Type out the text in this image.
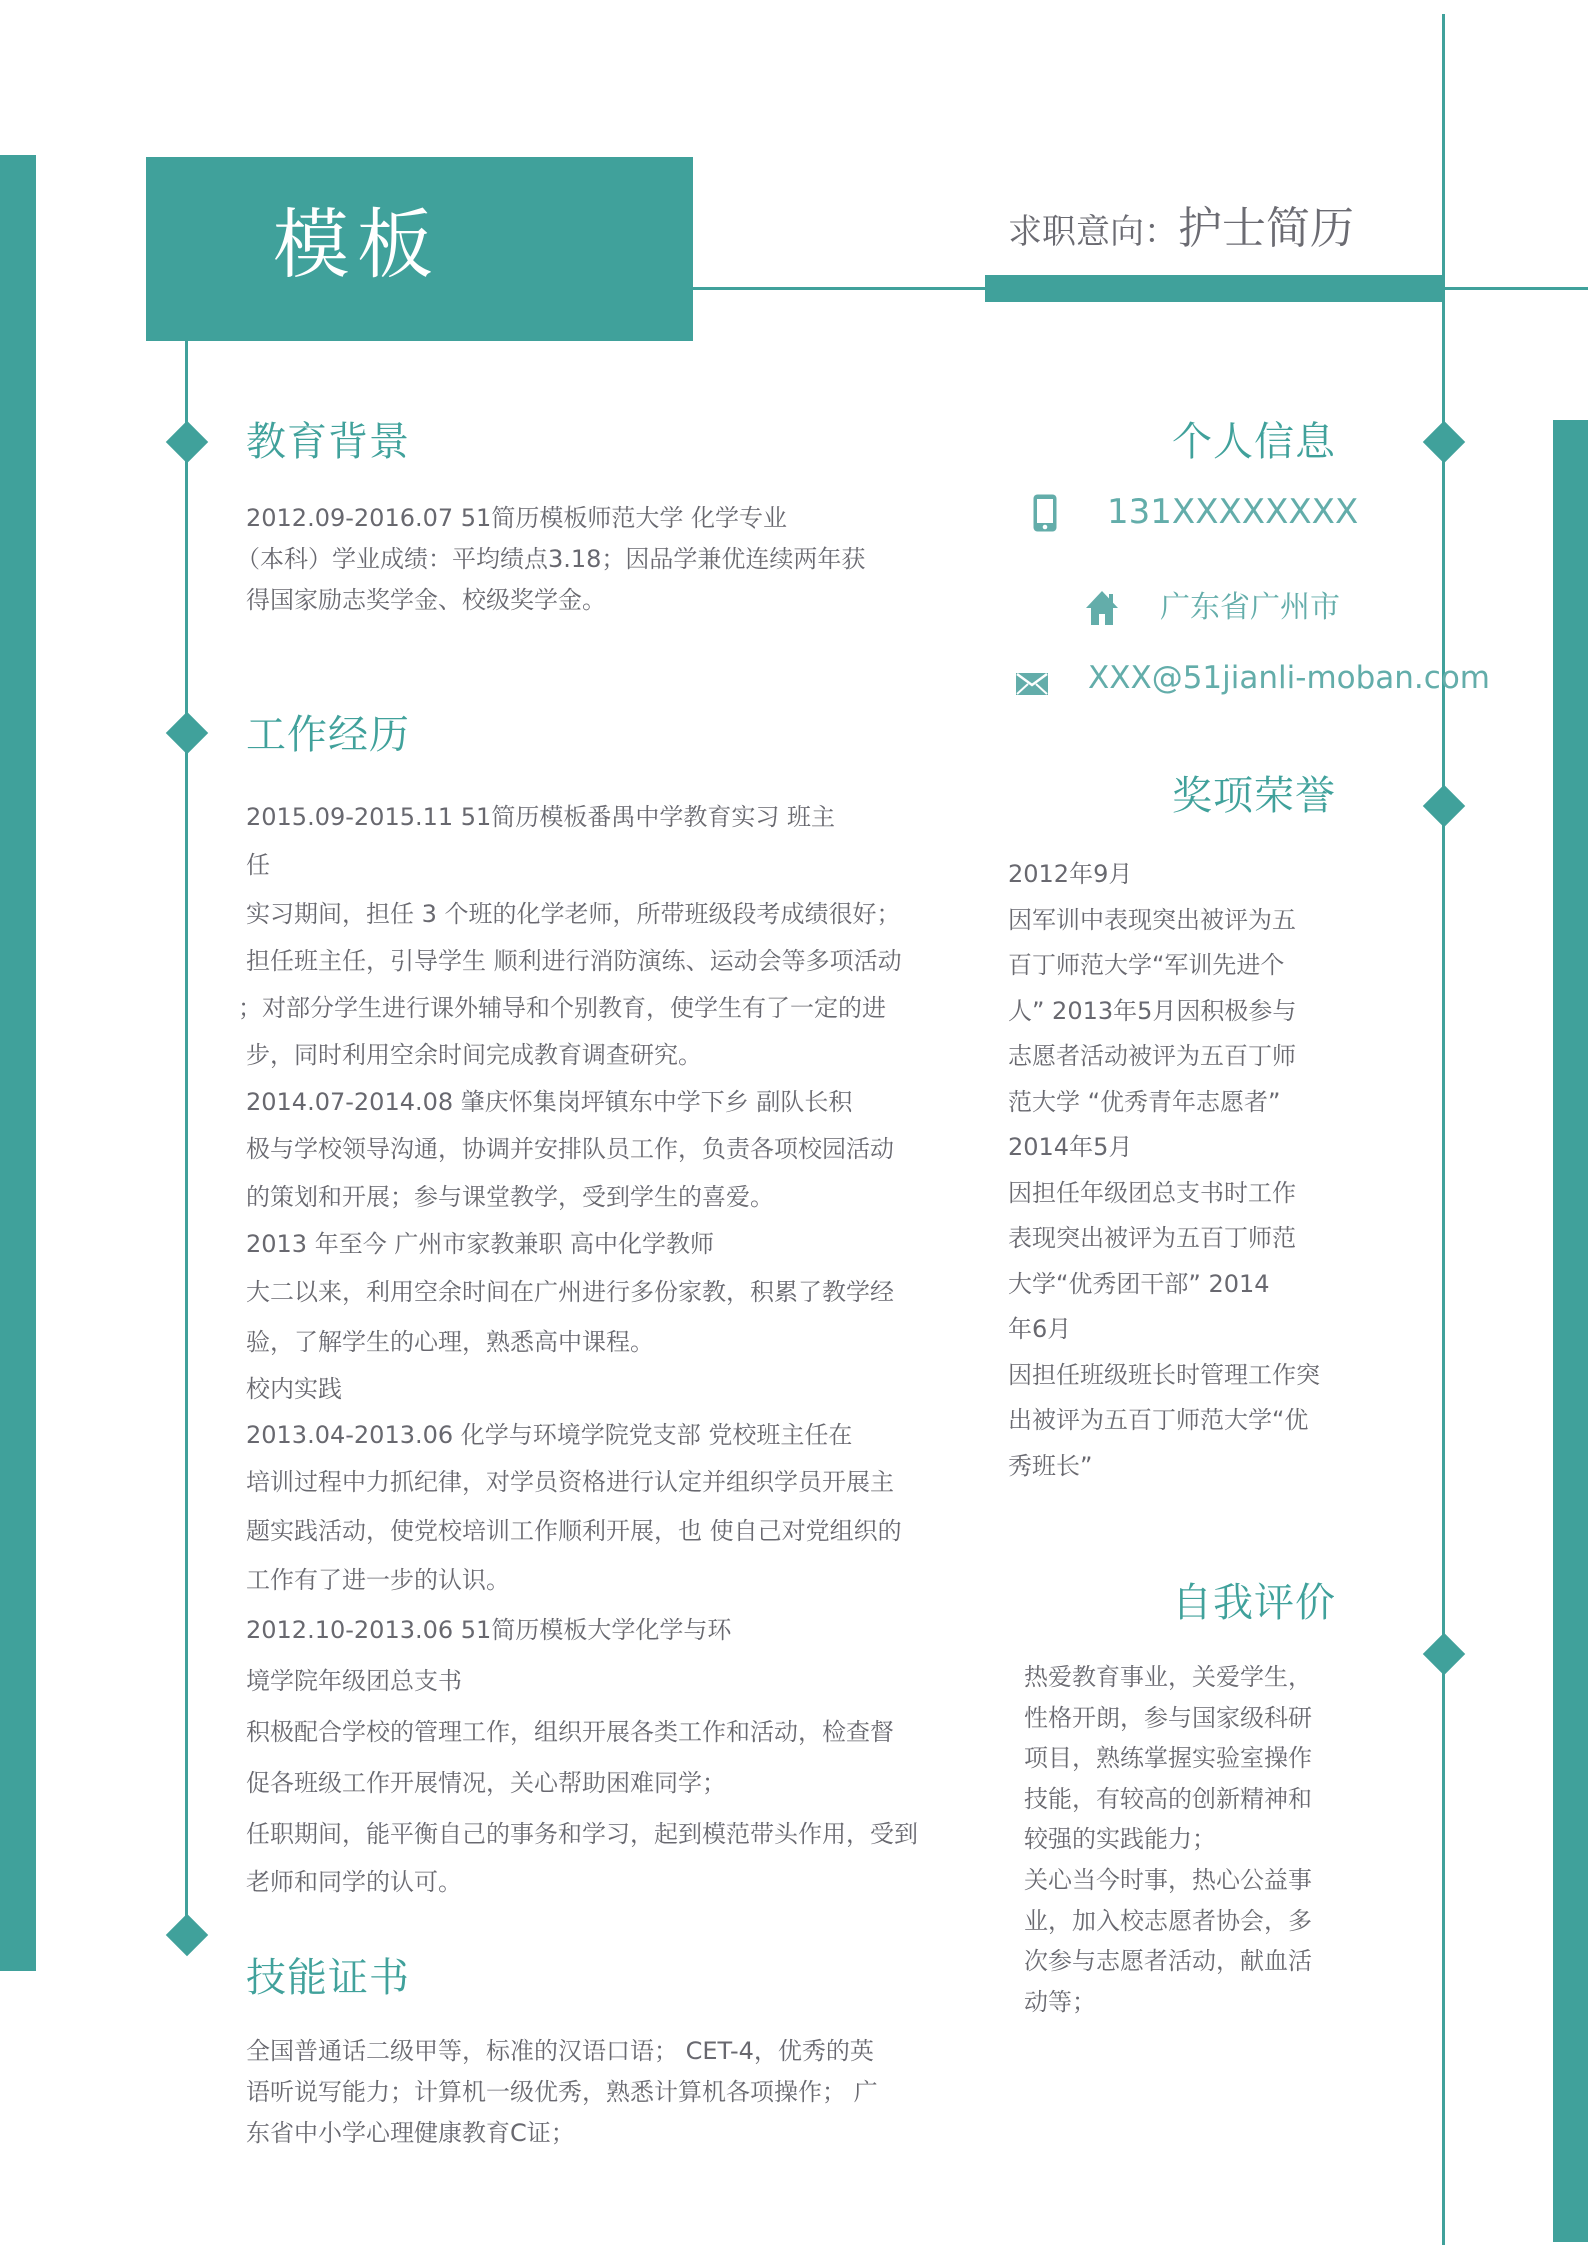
模板	求职意向：护士简历
教育背景

2012.09-2016.07 51简历模板师范大学 化学专业

（本科）学业成绩：平均绩点3.18；因品学兼优连续两年获

得国家励志奖学金、校级奖学金。

工作经历

2015.09-2015.11 51简历模板番禺中学教育实习 班主

任

实习期间，担任 3 个班的化学老师，所带班级段考成绩很好；

担任班主任，引导学生 顺利进行消防演练、运动会等多项活动

；对部分学生进行课外辅导和个别教育，使学生有了一定的进

步，同时利用空余时间完成教育调查研究。

2014.07-2014.08 肇庆怀集岗坪镇东中学下乡 副队长积

极与学校领导沟通，协调并安排队员工作，负责各项校园活动

的策划和开展；参与课堂教学，受到学生的喜爱。

2013 年至今 广州市家教兼职 高中化学教师

大二以来，利用空余时间在广州进行多份家教，积累了教学经

验，了解学生的心理，熟悉高中课程。

校内实践

2013.04-2013.06 化学与环境学院党支部 党校班主任在

培训过程中力抓纪律，对学员资格进行认定并组织学员开展主

题实践活动，使党校培训工作顺利开展，也 使自己对党组织的

工作有了进一步的认识。

2012.10-2013.06 51简历模板大学化学与环

境学院年级团总支书

积极配合学校的管理工作，组织开展各类工作和活动，检查督

促各班级工作开展情况，关心帮助困难同学；

任职期间，能平衡自己的事务和学习，起到模范带头作用，受到

老师和同学的认可。

技能证书

全国普通话二级甲等，标准的汉语口语； CET-4，优秀的英

语听说写能力；计算机一级优秀，熟悉计算机各项操作； 广

东省中小学心理健康教育C证；

个人信息
131XXXXXXXX
广东省广州市
XXX@51jianli-moban.com
奖项荣誉

2012年9月

因军训中表现突出被评为五

百丁师范大学“军训先进个

人” 2013年5月因积极参与

志愿者活动被评为五百丁师

范大学 “优秀青年志愿者”

2014年5月

因担任年级团总支书时工作

表现突出被评为五百丁师范

大学“优秀团干部” 2014

年6月

因担任班级班长时管理工作突

出被评为五百丁师范大学“优

秀班长”

自我评价

热爱教育事业，关爱学生，

性格开朗，参与国家级科研

项目，熟练掌握实验室操作

技能，有较高的创新精神和

较强的实践能力；

关心当今时事，热心公益事

业，加入校志愿者协会，多

次参与志愿者活动，献血活

动等；
